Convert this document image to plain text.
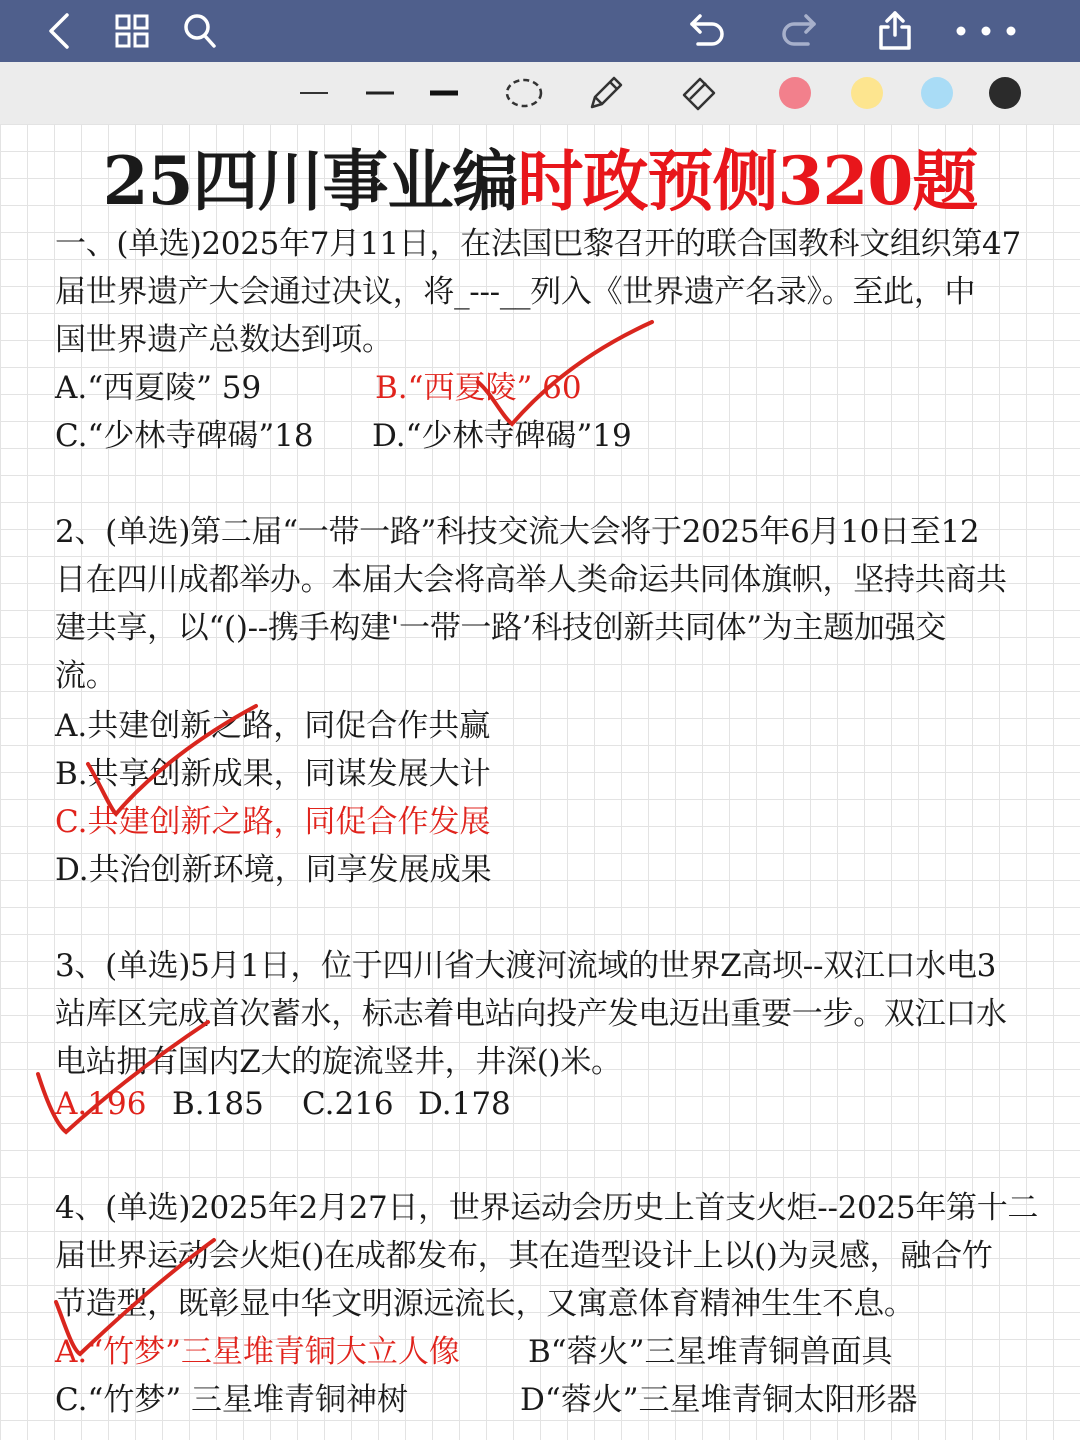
25四川事业编时政预侧320题
一、(单选)2025年7月11日，在法国巴黎召开的联合国教科文组织第47
届世界遗产大会通过决议，将_---__列入《世界遗产名录》。至此，中
国世界遗产总数达到项。
A.“西夏陵” 59	B.“西夏陵” 60
C.“少林寺碑碣”18 D.“少林寺碑碣”19
2、(单选)第二届“一带一路”科技交流大会将于2025年6月10日至12
日在四川成都举办。本届大会将高举人类命运共同体旗帜，坚持共商共
建共享，以“()--携手构建'一带一路’科技创新共同体”为主题加强交
流。
A.共建创新之路，同促合作共赢
B.共享创新成果，同谋发展大计
C.共建创新之路，同促合作发展
D.共治创新环境，同享发展成果
3、(单选)5月1日，位于四川省大渡河流域的世界Z高坝--双江口水电3
站库区完成首次蓄水，标志着电站向投产发电迈出重要一步。双江口水
电站拥有国内Z大的旋流竖井，井深()米。
A.196 B.185 C.216 D.178
4、(单选)2025年2月27日，世界运动会历史上首支火炬--2025年第十二
届世界运动会火炬()在成都发布，其在造型设计上以()为灵感，融合竹
节造型，既彰显中华文明源远流长，又寓意体育精神生生不息。
A.“竹梦”三星堆青铜大立人像 B“蓉火”三星堆青铜兽面具
C.“竹梦” 三星堆青铜神树	D“蓉火”三星堆青铜太阳形器
